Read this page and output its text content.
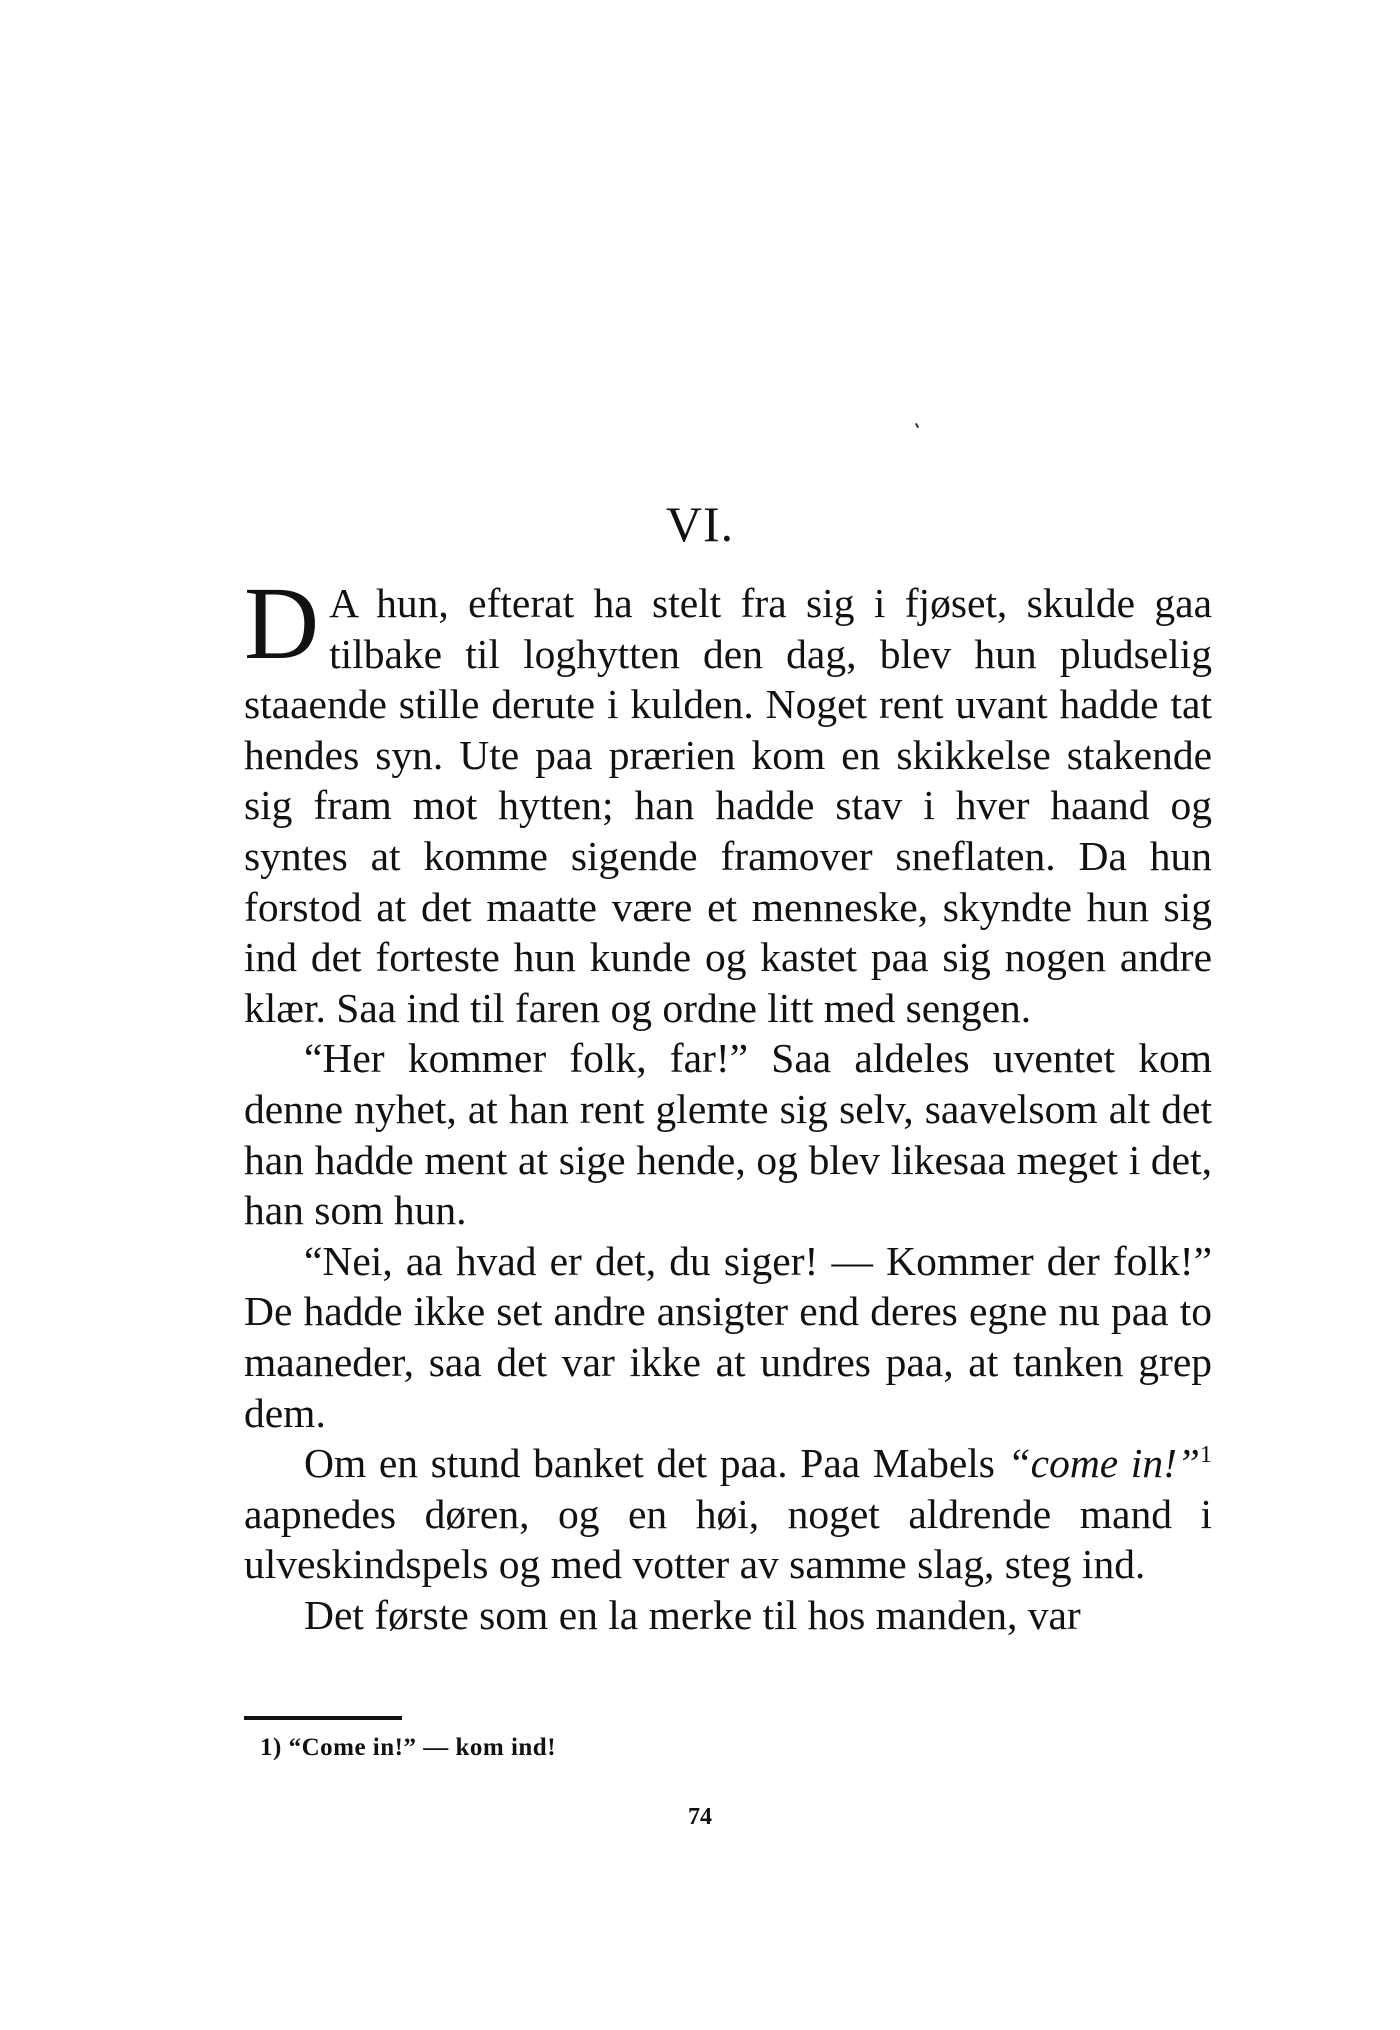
VI.

D A hun, efterat ha stelt fra sig i fjøset, skulde gaa tilbake til loghytten den dag, blev hun pludselig staaende stille derute i kulden. Noget rent uvant hadde tat hendes syn. Ute paa prærien kom en skikkelse stakende sig fram mot hytten; han hadde stav i hver haand og syntes at komme sigende framover sneflaten. Da hun forstod at det maatte være et menneske, skyndte hun sig ind det forteste hun kunde og kastet paa sig nogen andre klær. Saa ind til faren og ordne litt med sengen.

“Her kommer folk, far!” Saa aldeles uventet kom denne nyhet, at han rent glemte sig selv, saavelsom alt det han hadde ment at sige hende, og blev likesaa meget i det, han som hun.

“Nei, aa hvad er det, du siger! — Kommer der folk!” De hadde ikke set andre ansigter end deres egne nu paa to maaneder, saa det var ikke at undres paa, at tanken grep dem.

Om en stund banket det paa. Paa Mabels “come in!”$^1$ aapnedes døren, og en høi, noget aldrende mand i ulveskindspels og med votter av samme slag, steg ind.

Det første som en la merke til hos manden, var

1) “Come in!” — kom ind!
74
